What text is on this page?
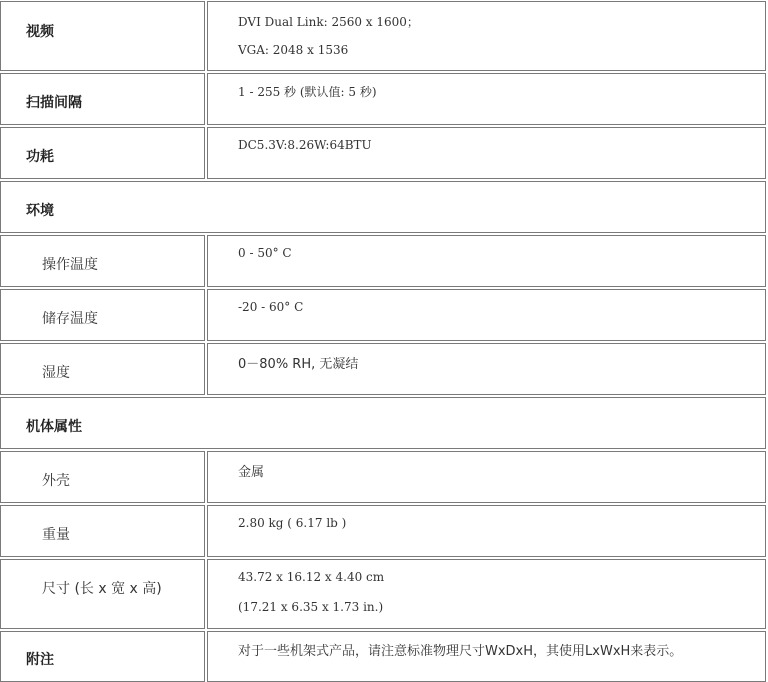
视频
DVI Dual Link: 2560 x 1600；
VGA: 2048 x 1536
扫描间隔
1 - 255 秒 (默认值: 5 秒)
功耗
DC5.3V:8.26W:64BTU
环境
操作温度
0 - 50° C
储存温度
-20 - 60° C
湿度
0－80% RH, 无凝结
机体属性
外壳
金属
重量
2.80 kg ( 6.17 lb )
尺寸 (长 x 宽 x 高)
43.72 x 16.12 x 4.40 cm
(17.21 x 6.35 x 1.73 in.)
附注
对于一些机架式产品，请注意标准物理尺寸WxDxH，其使用LxWxH来表示。
